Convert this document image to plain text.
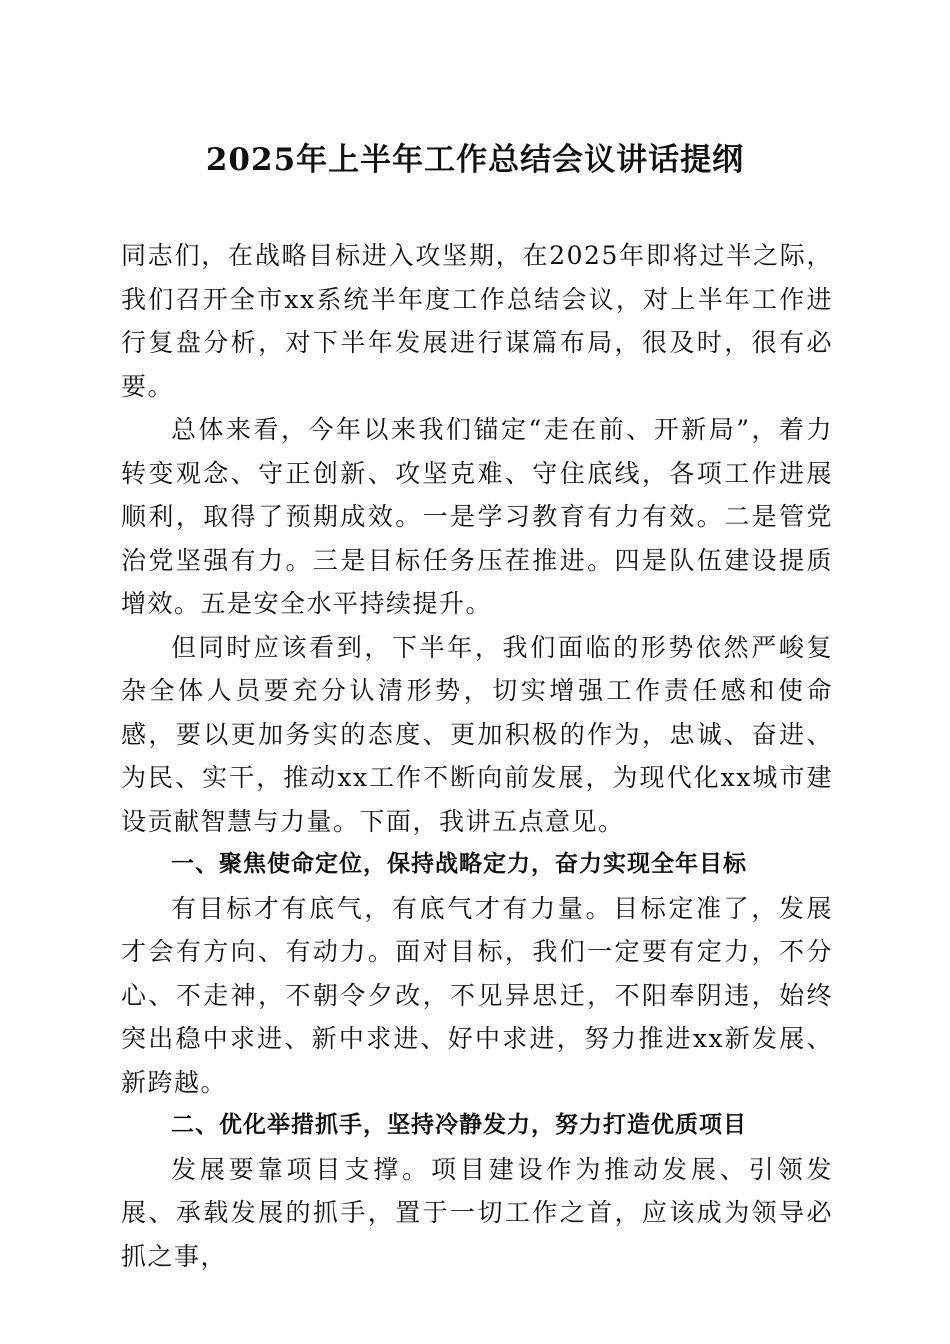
2025年上半年工作总结会议讲话提纲

同志们，在战略目标进入攻坚期，在2025年即将过半之际，我们召开全市xx系统半年度工作总结会议，对上半年工作进行复盘分析，对下半年发展进行谋篇布局，很及时，很有必要。

总体来看，今年以来我们锚定“走在前、开新局”，着力转变观念、守正创新、攻坚克难、守住底线，各项工作进展顺利，取得了预期成效。一是学习教育有力有效。二是管党治党坚强有力。三是目标任务压茬推进。四是队伍建设提质增效。五是安全水平持续提升。

但同时应该看到，下半年，我们面临的形势依然严峻复杂全体人员要充分认清形势，切实增强工作责任感和使命感，要以更加务实的态度、更加积极的作为，忠诚、奋进、为民、实干，推动xx工作不断向前发展，为现代化xx城市建设贡献智慧与力量。下面，我讲五点意见。

一、聚焦使命定位，保持战略定力，奋力实现全年目标

有目标才有底气，有底气才有力量。目标定准了，发展才会有方向、有动力。面对目标，我们一定要有定力，不分心、不走神，不朝令夕改，不见异思迁，不阳奉阴违，始终突出稳中求进、新中求进、好中求进，努力推进xx新发展、新跨越。

二、优化举措抓手，坚持冷静发力，努力打造优质项目

发展要靠项目支撑。项目建设作为推动发展、引领发展、承载发展的抓手，置于一切工作之首，应该成为领导必抓之事，
